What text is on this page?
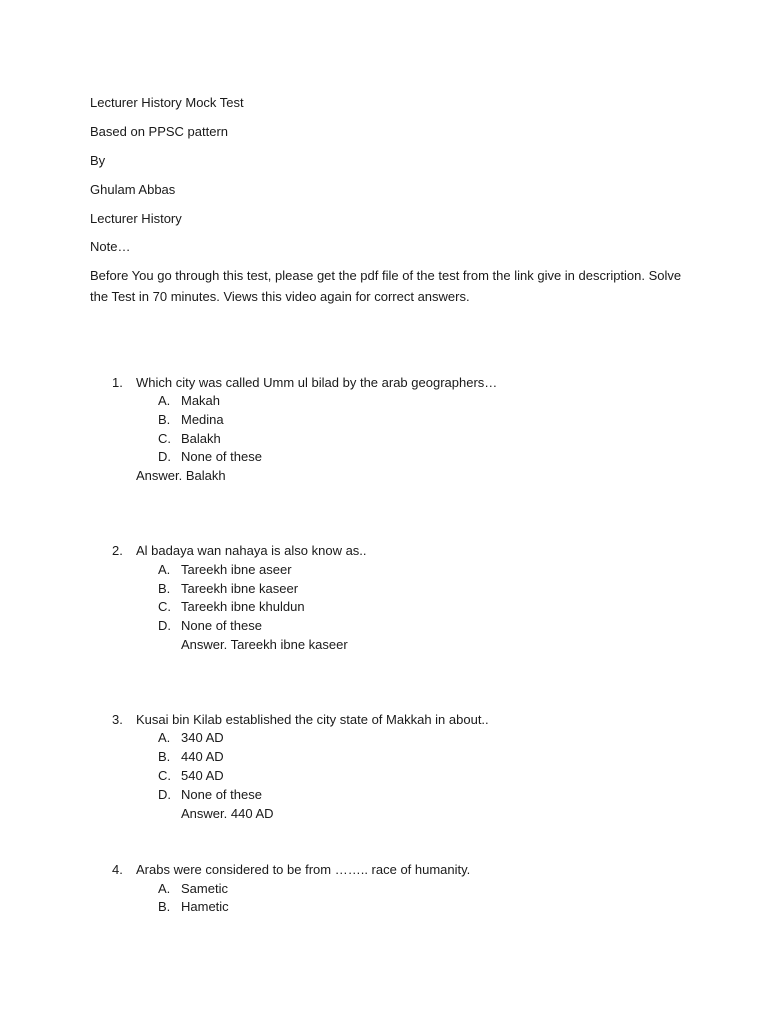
Lecturer History Mock Test
Based on PPSC pattern
By
Ghulam Abbas
Lecturer History
Note…
Before You go through this test, please get the pdf file of the test from the link give in description. Solve the Test in 70 minutes. Views this video again for correct answers.
1. Which city was called Umm ul bilad by the arab geographers…
A. Makah
B. Medina
C. Balakh
D. None of these
Answer. Balakh
2. Al badaya wan nahaya is also know as..
A. Tareekh ibne aseer
B. Tareekh ibne kaseer
C. Tareekh ibne khuldun
D. None of these
Answer. Tareekh ibne kaseer
3. Kusai bin Kilab established the city state of Makkah in about..
A. 340 AD
B. 440 AD
C. 540 AD
D. None of these
Answer. 440 AD
4. Arabs were considered to be from …….. race of humanity.
A. Sametic
B. Hametic
